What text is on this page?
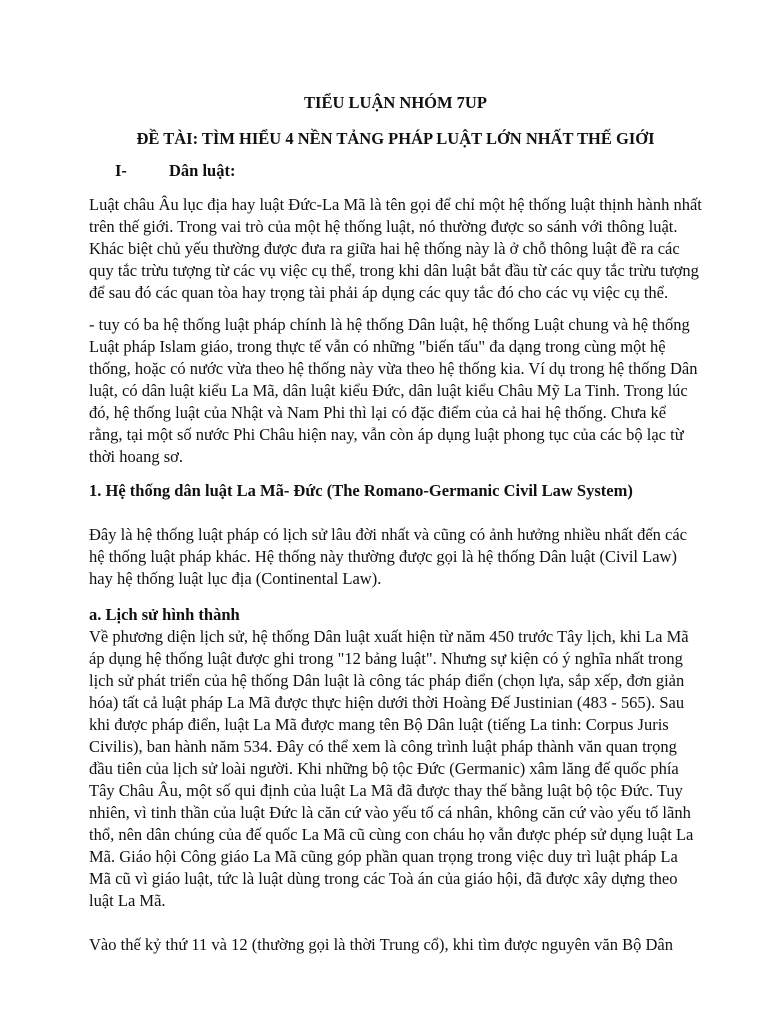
TIỂU LUẬN NHÓM 7UP
ĐỀ TÀI: TÌM HIỂU 4 NỀN TẢNG PHÁP LUẬT LỚN NHẤT THẾ GIỚI
I-	Dân luật:

Luật châu Âu lục địa hay luật Đức-La Mã là tên gọi để chỉ một hệ thống luật thịnh hành nhất trên thế giới. Trong vai trò của một hệ thống luật, nó thường được so sánh với thông luật. Khác biệt chủ yếu thường được đưa ra giữa hai hệ thống này là ở chỗ thông luật đề ra các quy tắc trừu tượng từ các vụ việc cụ thể, trong khi dân luật bắt đầu từ các quy tắc trừu tượng để sau đó các quan tòa hay trọng tài phải áp dụng các quy tắc đó cho các vụ việc cụ thể.

- tuy có ba hệ thống luật pháp chính là hệ thống Dân luật, hệ thống Luật chung và hệ thống Luật pháp Islam giáo, trong thực tế vẫn có những "biến tấu" đa dạng trong cùng một hệ thống, hoặc có nước vừa theo hệ thống này vừa theo hệ thống kia. Ví dụ trong hệ thống Dân luật, có dân luật kiểu La Mã, dân luật kiểu Đức, dân luật kiểu Châu Mỹ La Tinh. Trong lúc đó, hệ thống luật của Nhật và Nam Phi thì lại có đặc điểm của cả hai hệ thống. Chưa kể rằng, tại một số nước Phi Châu hiện nay, vẫn còn áp dụng luật phong tục của các bộ lạc từ thời hoang sơ.

1. Hệ thống dân luật La Mã- Đức (The Romano-Germanic Civil Law System)

Đây là hệ thống luật pháp có lịch sử lâu đời nhất và cũng có ảnh hưởng nhiều nhất đến các hệ thống luật pháp khác. Hệ thống này thường được gọi là hệ thống Dân luật (Civil Law) hay hệ thống luật lục địa (Continental Law).

a. Lịch sử hình thành

Về phương diện lịch sử, hệ thống Dân luật xuất hiện từ năm 450 trước Tây lịch, khi La Mã áp dụng hệ thống luật được ghi trong "12 bảng luật". Nhưng sự kiện có ý nghĩa nhất trong lịch sử phát triển của hệ thống Dân luật là công tác pháp điển (chọn lựa, sắp xếp, đơn giản hóa) tất cả luật pháp La Mã được thực hiện dưới thời Hoàng Đế Justinian (483 - 565). Sau khi được pháp điển, luật La Mã được mang tên Bộ Dân luật (tiếng La tinh: Corpus Juris Civilis), ban hành năm 534. Đây có thể xem là công trình luật pháp thành văn quan trọng đầu tiên của lịch sử loài người. Khi những bộ tộc Đức (Germanic) xâm lăng đế quốc phía Tây Châu Âu, một số qui định của luật La Mã đã được thay thế bằng luật bộ tộc Đức. Tuy nhiên, vì tinh thần của luật Đức là căn cứ vào yếu tố cá nhân, không căn cứ vào yếu tố lãnh thổ, nên dân chúng của đế quốc La Mã cũ cùng con cháu họ vẫn được phép sử dụng luật La Mã. Giáo hội Công giáo La Mã cũng góp phần quan trọng trong việc duy trì luật pháp La Mã cũ vì giáo luật, tức là luật dùng trong các Toà án của giáo hội, đã được xây dựng theo luật La Mã.

Vào thế kỷ thứ 11 và 12 (thường gọi là thời Trung cổ), khi tìm được nguyên văn Bộ Dân
